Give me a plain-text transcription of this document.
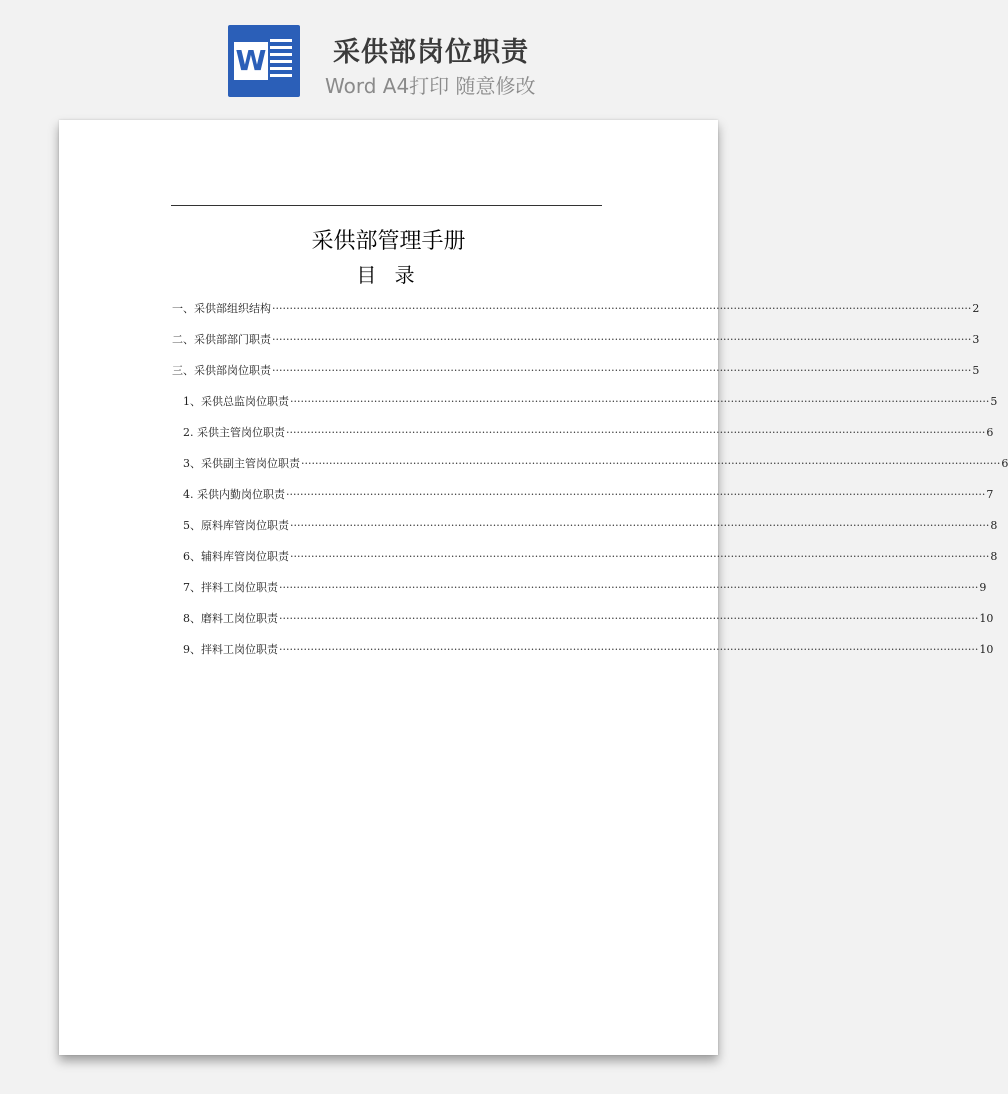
W 采供部岗位职责
Word A4打印 随意修改
采供部管理手册
目 录
一、采供部组织结构 ········································································································································································································ 2
二、采供部部门职责 ········································································································································································································ 3
三、采供部岗位职责 ········································································································································································································ 5
1、采供总监岗位职责 ········································································································································································································ 5
2. 采供主管岗位职责 ········································································································································································································ 6
3、采供副主管岗位职责 ········································································································································································································ 6
4. 采供内勤岗位职责 ········································································································································································································ 7
5、原料库管岗位职责 ········································································································································································································ 8
6、辅料库管岗位职责 ········································································································································································································ 8
7、拌料工岗位职责 ········································································································································································································ 9
8、磨料工岗位职责 ········································································································································································································ 10
9、拌料工岗位职责 ········································································································································································································ 10
